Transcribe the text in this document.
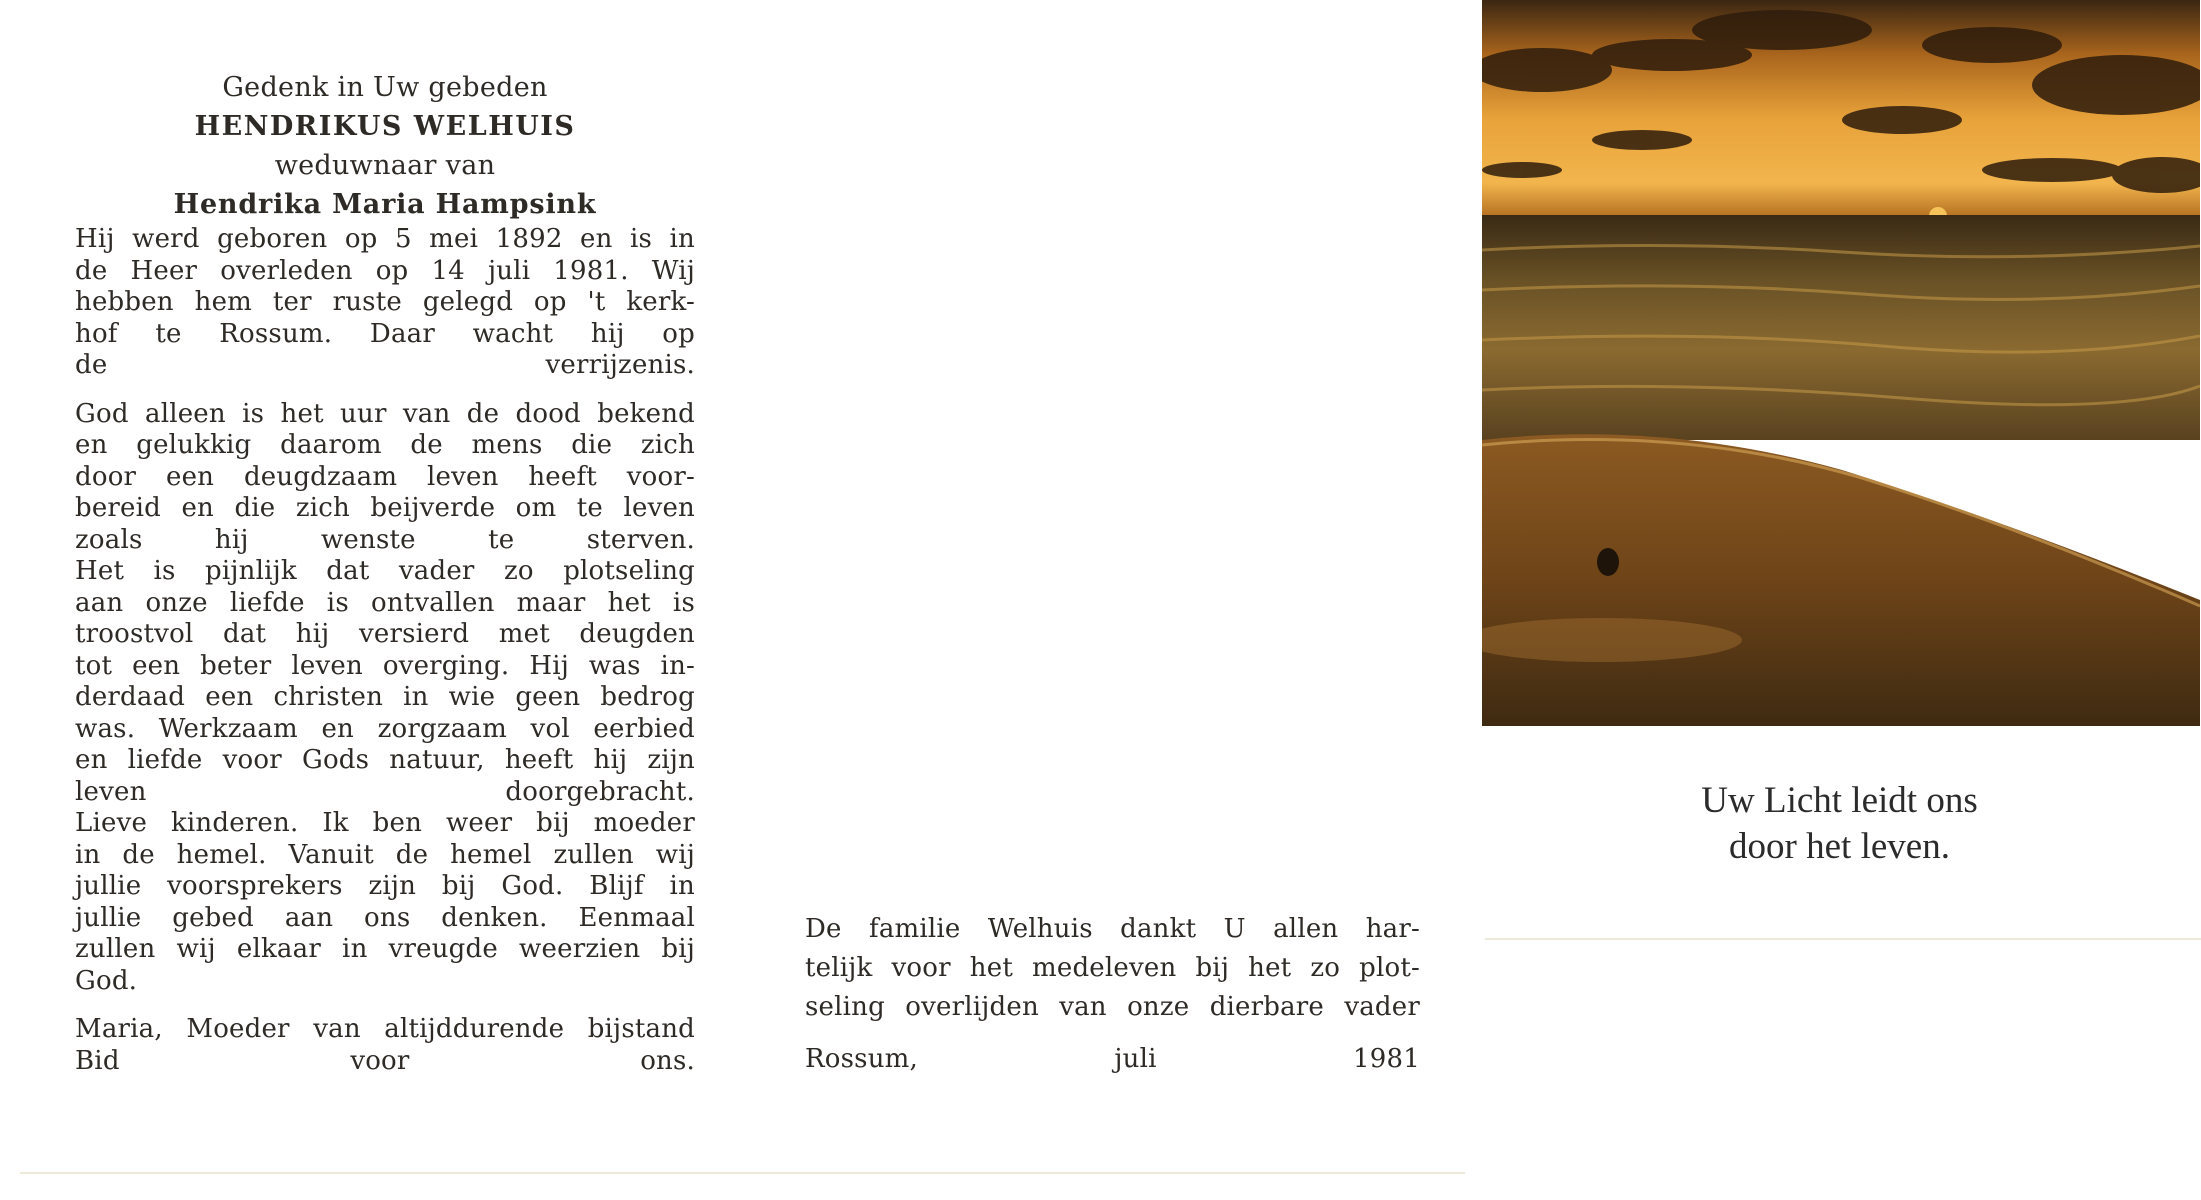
Gedenk in Uw gebeden
HENDRIKUS WELHUIS
weduwnaar van
Hendrika Maria Hampsink
Hij werd geboren op 5 mei 1892 en is in
de Heer overleden op 14 juli 1981. Wij
hebben hem ter ruste gelegd op 't kerk-
hof te Rossum. Daar wacht hij op
de verrijzenis.
God alleen is het uur van de dood bekend
en gelukkig daarom de mens die zich
door een deugdzaam leven heeft voor-
bereid en die zich beijverde om te leven
zoals hij wenste te sterven.
Het is pijnlijk dat vader zo plotseling
aan onze liefde is ontvallen maar het is
troostvol dat hij versierd met deugden
tot een beter leven overging. Hij was in-
derdaad een christen in wie geen bedrog
was. Werkzaam en zorgzaam vol eerbied
en liefde voor Gods natuur, heeft hij zijn
leven doorgebracht.
Lieve kinderen. Ik ben weer bij moeder
in de hemel. Vanuit de hemel zullen wij
jullie voorsprekers zijn bij God. Blijf in
jullie gebed aan ons denken. Eenmaal
zullen wij elkaar in vreugde weerzien bij
God.
Maria, Moeder van altijddurende bijstand
Bid voor ons.
De familie Welhuis dankt U allen har-
telijk voor het medeleven bij het zo plot-
seling overlijden van onze dierbare vader
Rossum, juli 1981
Uw Licht leidt ons
door het leven.
